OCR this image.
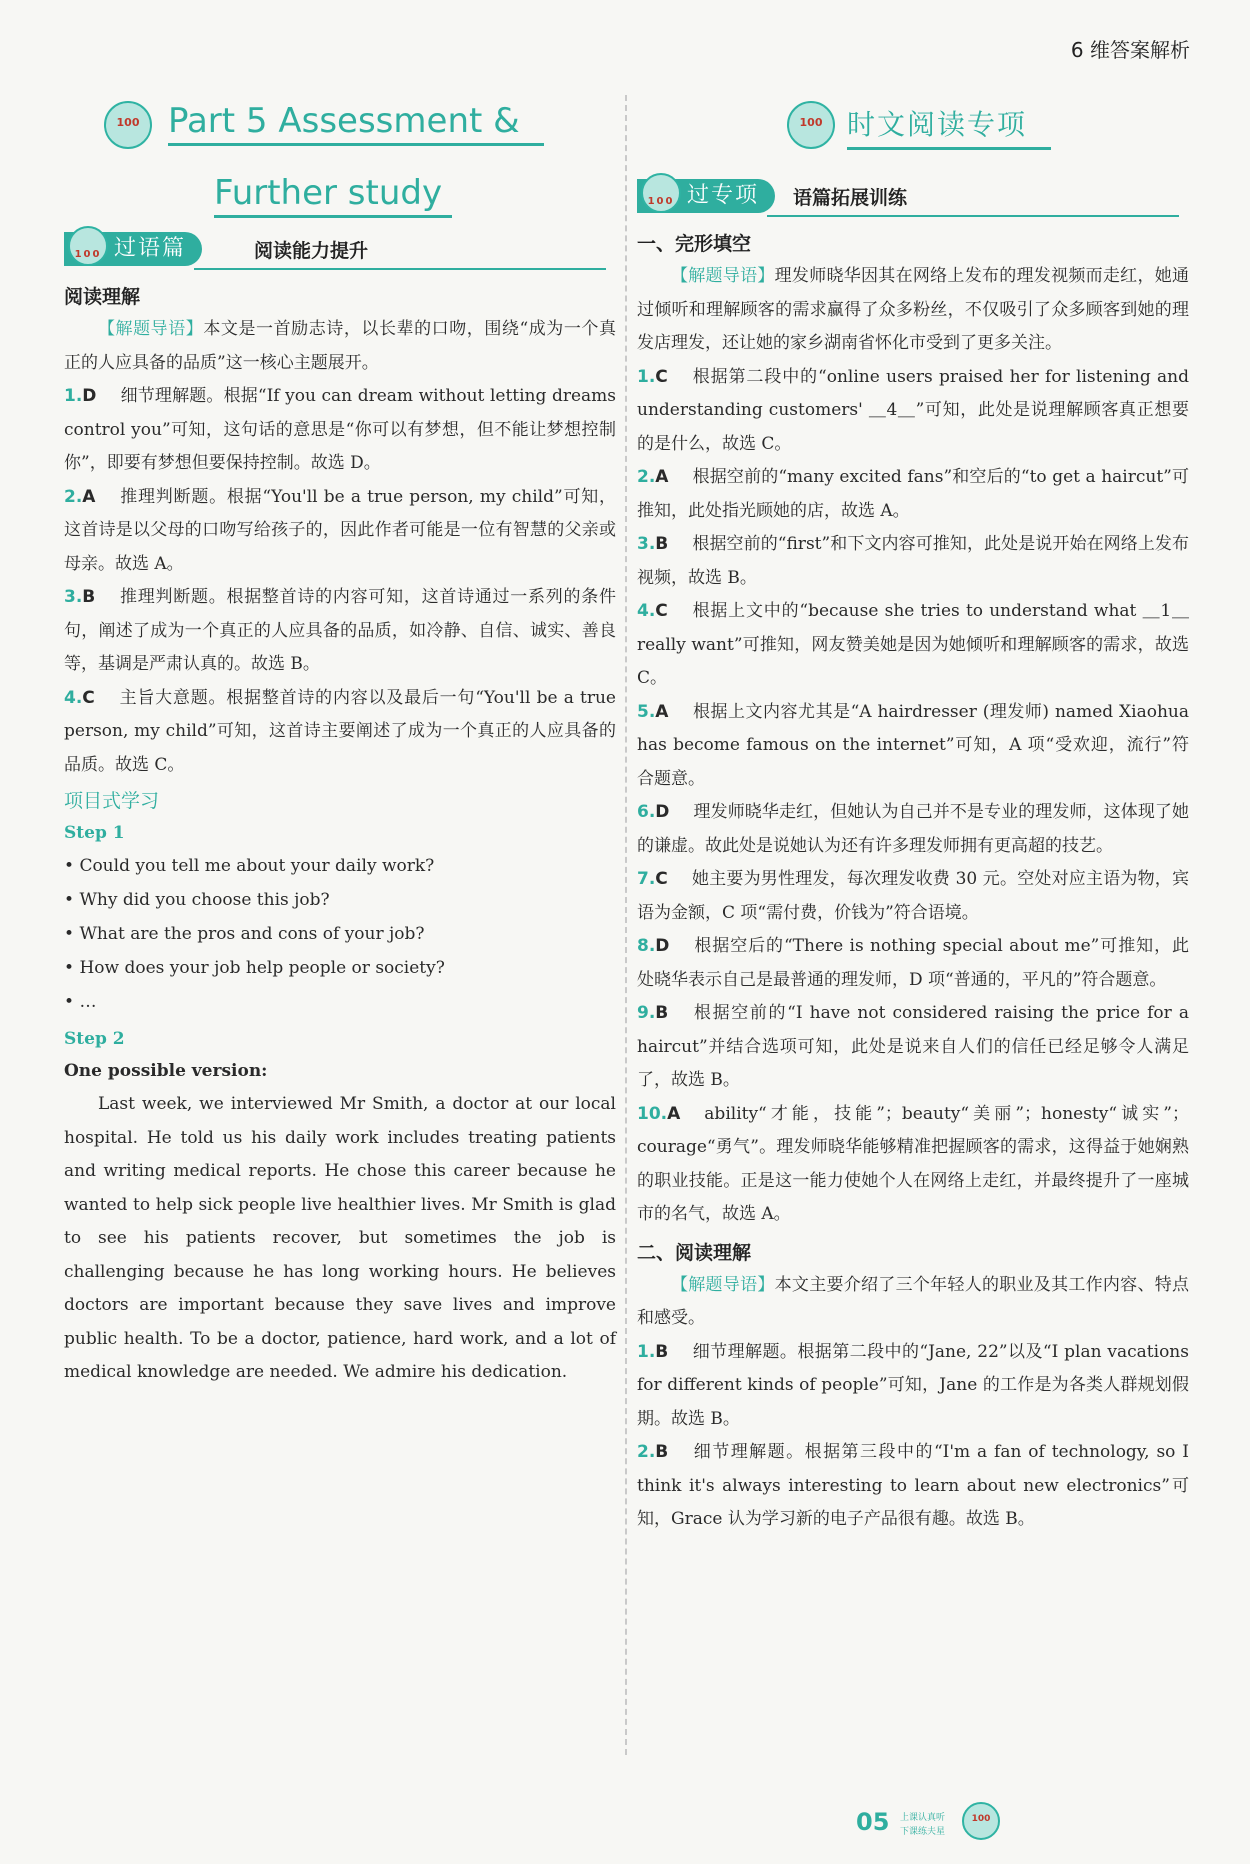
6 维答案解析
100
Part 5 Assessment &
Further study
100
过语篇	阅读能力提升
阅读理解

【解题导语】本文是一首励志诗，以长辈的口吻，围绕“成为一个真正的人应具备的品质”这一核心主题展开。

1.D 细节理解题。根据“If you can dream without letting dreams control you”可知，这句话的意思是“你可以有梦想，但不能让梦想控制你”，即要有梦想但要保持控制。故选 D。

2.A 推理判断题。根据“You'll be a true person, my child”可知，这首诗是以父母的口吻写给孩子的，因此作者可能是一位有智慧的父亲或母亲。故选 A。

3.B 推理判断题。根据整首诗的内容可知，这首诗通过一系列的条件句，阐述了成为一个真正的人应具备的品质，如冷静、自信、诚实、善良等，基调是严肃认真的。故选 B。

4.C 主旨大意题。根据整首诗的内容以及最后一句“You'll be a true person, my child”可知，这首诗主要阐述了成为一个真正的人应具备的品质。故选 C。

项目式学习
Step 1
• Could you tell me about your daily work?
• Why did you choose this job?
• What are the pros and cons of your job?
• How does your job help people or society?
• …
Step 2
One possible version:

Last week, we interviewed Mr Smith, a doctor at our local hospital. He told us his daily work includes treating patients and writing medical reports. He chose this career because he wanted to help sick people live healthier lives. Mr Smith is glad to see his patients recover, but sometimes the job is challenging because he has long working hours. He believes doctors are important because they save lives and improve public health. To be a doctor, patience, hard work, and a lot of medical knowledge are needed. We admire his dedication.

100
时文阅读专项
100
过专项	语篇拓展训练
一、完形填空

【解题导语】理发师晓华因其在网络上发布的理发视频而走红，她通过倾听和理解顾客的需求赢得了众多粉丝，不仅吸引了众多顾客到她的理发店理发，还让她的家乡湖南省怀化市受到了更多关注。

1.C 根据第二段中的“online users praised her for listening and understanding customers' ＿4＿”可知，此处是说理解顾客真正想要的是什么，故选 C。

2.A 根据空前的“many excited fans”和空后的“to get a haircut”可推知，此处指光顾她的店，故选 A。

3.B 根据空前的“first”和下文内容可推知，此处是说开始在网络上发布视频，故选 B。

4.C 根据上文中的“because she tries to understand what ＿1＿ really want”可推知，网友赞美她是因为她倾听和理解顾客的需求，故选 C。

5.A 根据上文内容尤其是“A hairdresser (理发师) named Xiaohua has become famous on the internet”可知，A 项“受欢迎，流行”符合题意。

6.D 理发师晓华走红，但她认为自己并不是专业的理发师，这体现了她的谦虚。故此处是说她认为还有许多理发师拥有更高超的技艺。

7.C 她主要为男性理发，每次理发收费 30 元。空处对应主语为物，宾语为金额，C 项“需付费，价钱为”符合语境。

8.D 根据空后的“There is nothing special about me”可推知，此处晓华表示自己是最普通的理发师，D 项“普通的，平凡的”符合题意。

9.B 根据空前的“I have not considered raising the price for a haircut”并结合选项可知，此处是说来自人们的信任已经足够令人满足了，故选 B。

10.A ability“才能，技能”；beauty“美丽”；honesty“诚实”；courage“勇气”。理发师晓华能够精准把握顾客的需求，这得益于她娴熟的职业技能。正是这一能力使她个人在网络上走红，并最终提升了一座城市的名气，故选 A。

二、阅读理解

【解题导语】本文主要介绍了三个年轻人的职业及其工作内容、特点和感受。

1.B 细节理解题。根据第二段中的“Jane, 22”以及“I plan vacations for different kinds of people”可知，Jane 的工作是为各类人群规划假期。故选 B。

2.B 细节理解题。根据第三段中的“I'm a fan of technology, so I think it's always interesting to learn about new electronics”可知，Grace 认为学习新的电子产品很有趣。故选 B。

05 上课认真听
下课练夫星
100
